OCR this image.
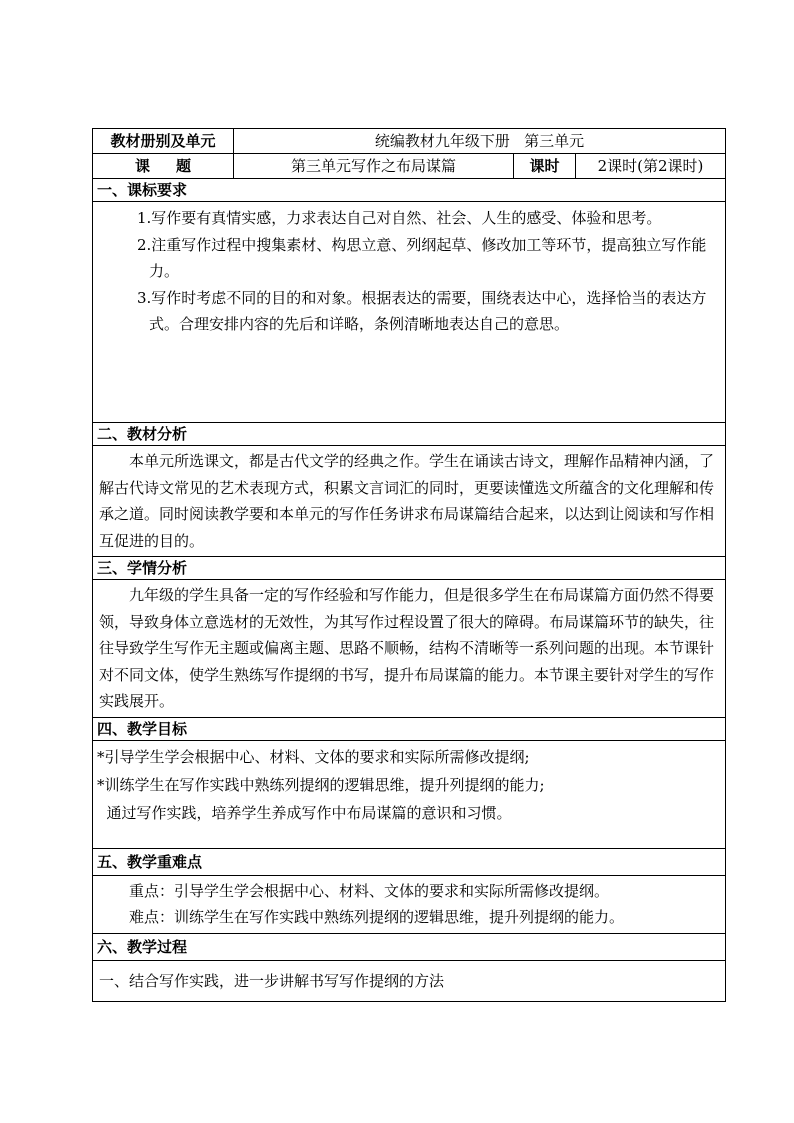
教材册别及单元	统编教材九年级下册   第三单元		
课     题	第三单元写作之布局谋篇	课时	2课时(第2课时)
一、课标要求			

1.写作要有真情实感，力求表达自己对自然、社会、人生的感受、体验和思考。

2.注重写作过程中搜集素材、构思立意、列纲起草、修改加工等环节，提高独立写作能力。

3.写作时考虑不同的目的和对象。根据表达的需要，围绕表达中心，选择恰当的表达方式。合理安排内容的先后和详略，条例清晰地表达自己的意思。			

二、教材分析			

本单元所选课文，都是古代文学的经典之作。学生在诵读古诗文，理解作品精神内涵，了解古代诗文常见的艺术表现方式，积累文言词汇的同时，更要读懂选文所蕴含的文化理解和传承之道。同时阅读教学要和本单元的写作任务讲求布局谋篇结合起来，以达到让阅读和写作相互促进的目的。			

三、学情分析			

九年级的学生具备一定的写作经验和写作能力，但是很多学生在布局谋篇方面仍然不得要领，导致身体立意选材的无效性，为其写作过程设置了很大的障碍。布局谋篇环节的缺失，往往导致学生写作无主题或偏离主题、思路不顺畅，结构不清晰等一系列问题的出现。本节课针对不同文体，使学生熟练写作提纲的书写，提升布局谋篇的能力。本节课主要针对学生的写作实践展开。			

四、教学目标			

*引导学生学会根据中心、材料、文体的要求和实际所需修改提纲;

*训练学生在写作实践中熟练列提纲的逻辑思维，提升列提纲的能力;

通过写作实践，培养学生养成写作中布局谋篇的意识和习惯。			

五、教学重难点			

重点：引导学生学会根据中心、材料、文体的要求和实际所需修改提纲。

难点：训练学生在写作实践中熟练列提纲的逻辑思维，提升列提纲的能力。			

六、教学过程			

一、结合写作实践，进一步讲解书写写作提纲的方法			
